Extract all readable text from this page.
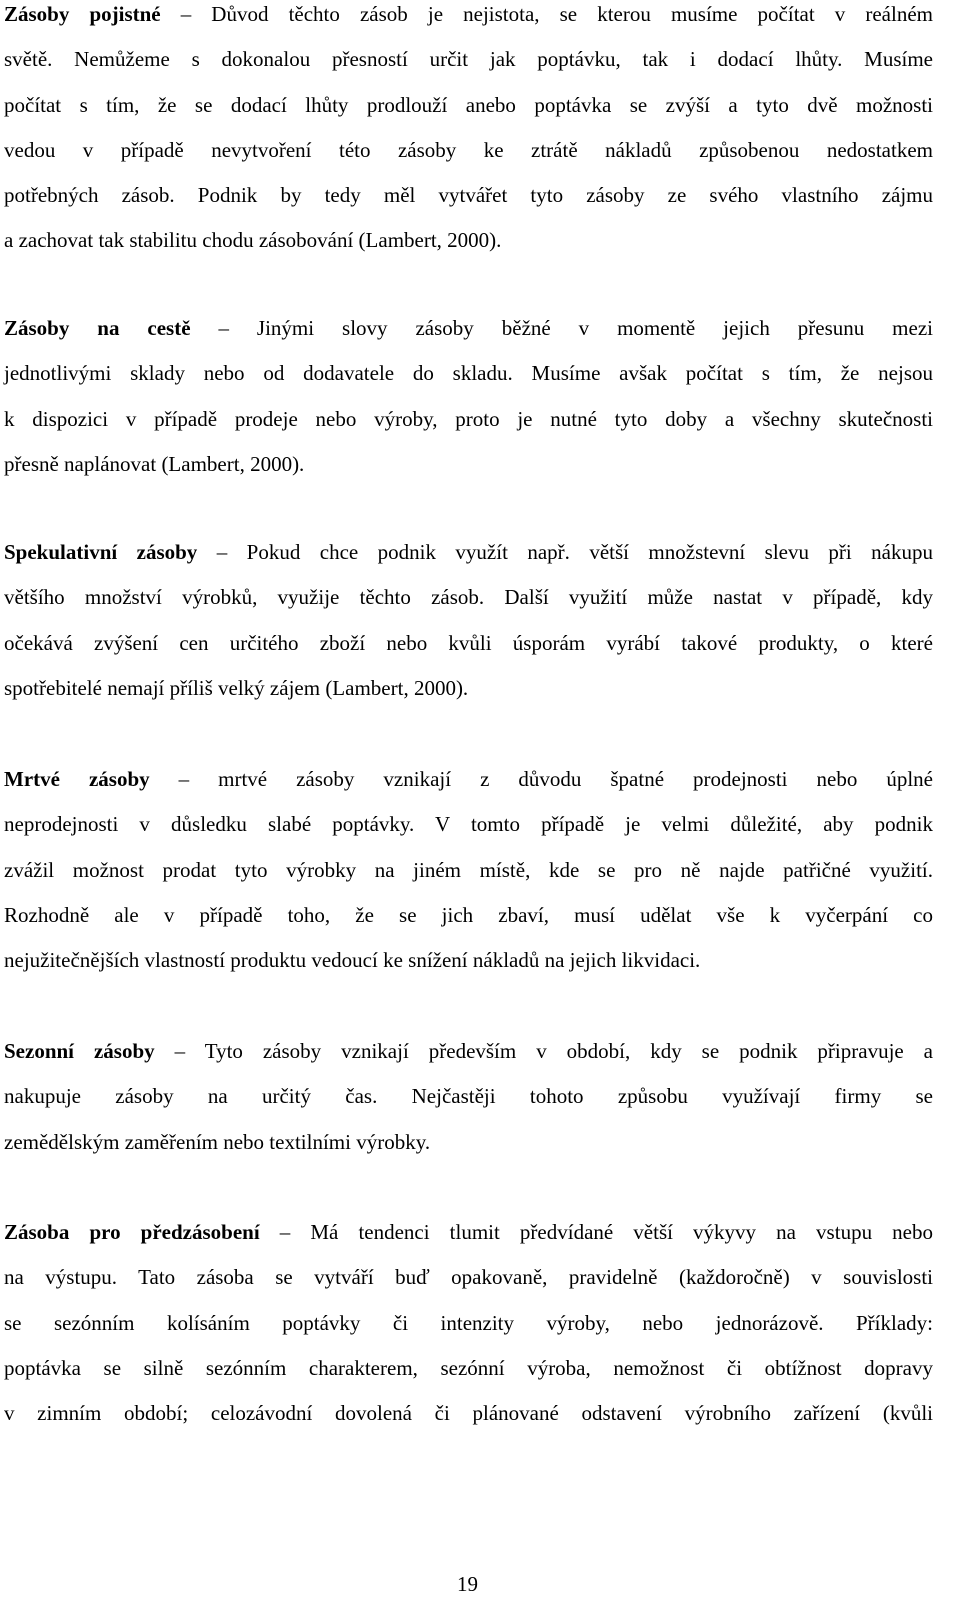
Zásoby pojistné – Důvod těchto zásob je nejistota, se kterou musíme počítat v reálném
světě. Nemůžeme s dokonalou přesností určit jak poptávku, tak i dodací lhůty. Musíme
počítat s tím, že se dodací lhůty prodlouží anebo poptávka se zvýší a tyto dvě možnosti
vedou v případě nevytvoření této zásoby ke ztrátě nákladů způsobenou nedostatkem
potřebných zásob. Podnik by tedy měl vytvářet tyto zásoby ze svého vlastního zájmu
a zachovat tak stabilitu chodu zásobování (Lambert, 2000).
Zásoby na cestě – Jinými slovy zásoby běžné v momentě jejich přesunu mezi
jednotlivými sklady nebo od dodavatele do skladu. Musíme avšak počítat s tím, že nejsou
k dispozici v případě prodeje nebo výroby, proto je nutné tyto doby a všechny skutečnosti
přesně naplánovat (Lambert, 2000).
Spekulativní zásoby – Pokud chce podnik využít např. větší množstevní slevu při nákupu
většího množství výrobků, využije těchto zásob. Další využití může nastat v případě, kdy
očekává zvýšení cen určitého zboží nebo kvůli úsporám vyrábí takové produkty, o které
spotřebitelé nemají příliš velký zájem (Lambert, 2000).
Mrtvé zásoby – mrtvé zásoby vznikají z důvodu špatné prodejnosti nebo úplné
neprodejnosti v důsledku slabé poptávky. V tomto případě je velmi důležité, aby podnik
zvážil možnost prodat tyto výrobky na jiném místě, kde se pro ně najde patřičné využití.
Rozhodně ale v případě toho, že se jich zbaví, musí udělat vše k vyčerpání co
nejužitečnějších vlastností produktu vedoucí ke snížení nákladů na jejich likvidaci.
Sezonní zásoby – Tyto zásoby vznikají především v období, kdy se podnik připravuje a
nakupuje zásoby na určitý čas. Nejčastěji tohoto způsobu využívají firmy se
zemědělským zaměřením nebo textilními výrobky.
Zásoba pro předzásobení – Má tendenci tlumit předvídané větší výkyvy na vstupu nebo
na výstupu. Tato zásoba se vytváří buď opakovaně, pravidelně (každoročně) v souvislosti
se sezónním kolísáním poptávky či intenzity výroby, nebo jednorázově. Příklady:
poptávka se silně sezónním charakterem, sezónní výroba, nemožnost či obtížnost dopravy
v zimním období; celozávodní dovolená či plánované odstavení výrobního zařízení (kvůli
19
